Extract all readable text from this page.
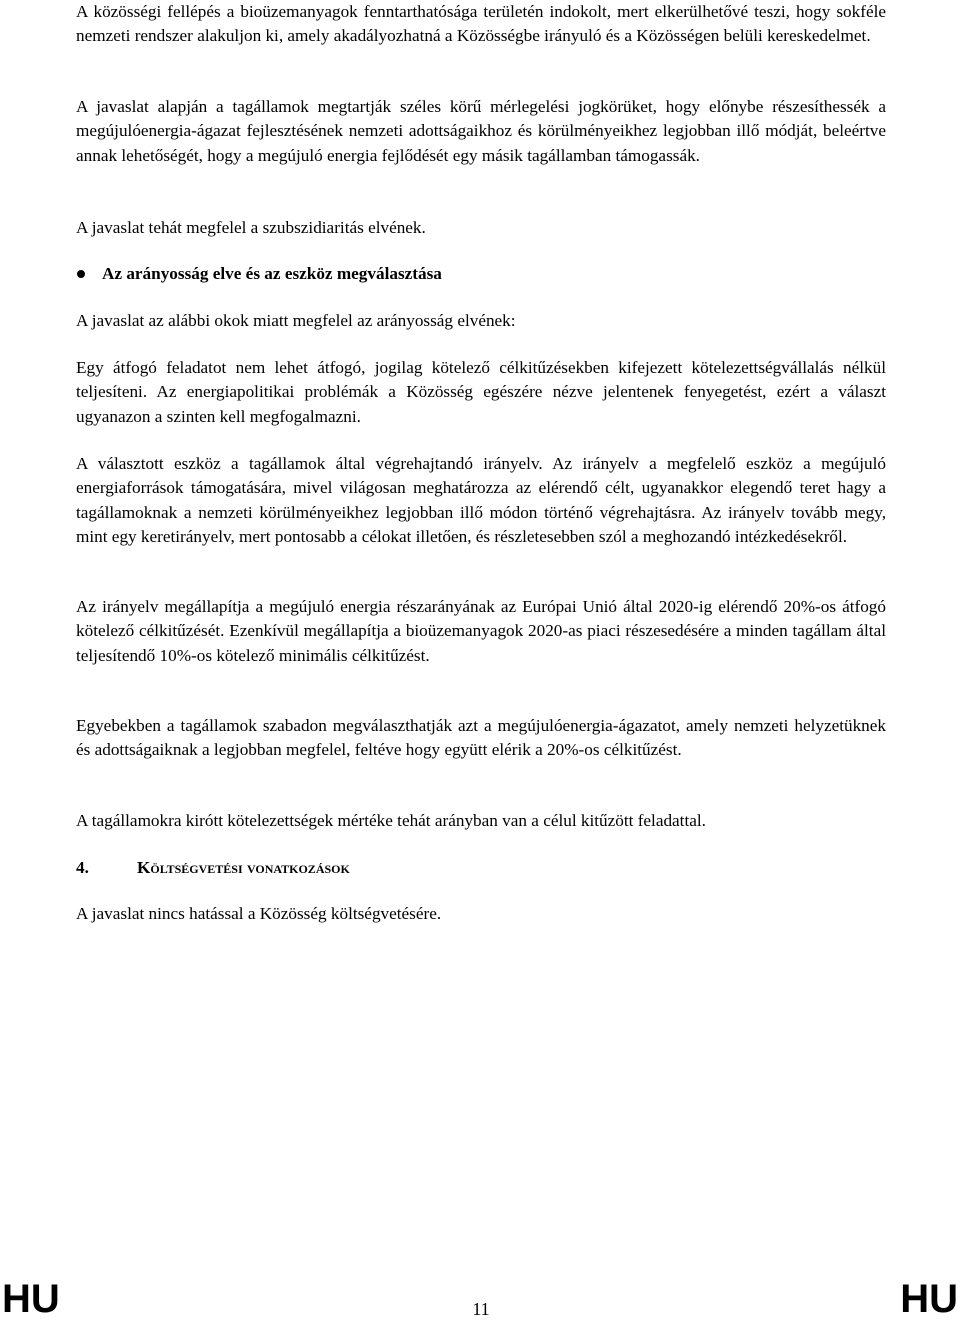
A közösségi fellépés a bioüzemanyagok fenntarthatósága területén indokolt, mert elkerülhetővé teszi, hogy sokféle nemzeti rendszer alakuljon ki, amely akadályozhatná a Közösségbe irányuló és a Közösségen belüli kereskedelmet.

A javaslat alapján a tagállamok megtartják széles körű mérlegelési jogkörüket, hogy előnybe részesíthessék a megújulóenergia-ágazat fejlesztésének nemzeti adottságaikhoz és körülményeikhez legjobban illő módját, beleértve annak lehetőségét, hogy a megújuló energia fejlődését egy másik tagállamban támogassák.

A javaslat tehát megfelel a szubszidiaritás elvének.

Az arányosság elve és az eszköz megválasztása

A javaslat az alábbi okok miatt megfelel az arányosság elvének:

Egy átfogó feladatot nem lehet átfogó, jogilag kötelező célkitűzésekben kifejezett kötelezettségvállalás nélkül teljesíteni. Az energiapolitikai problémák a Közösség egészére nézve jelentenek fenyegetést, ezért a választ ugyanazon a szinten kell megfogalmazni.

A választott eszköz a tagállamok által végrehajtandó irányelv. Az irányelv a megfelelő eszköz a megújuló energiaforrások támogatására, mivel világosan meghatározza az elérendő célt, ugyanakkor elegendő teret hagy a tagállamoknak a nemzeti körülményeikhez legjobban illő módon történő végrehajtásra. Az irányelv tovább megy, mint egy keretirányelv, mert pontosabb a célokat illetően, és részletesebben szól a meghozandó intézkedésekről.

Az irányelv megállapítja a megújuló energia részarányának az Európai Unió által 2020-ig elérendő 20%-os átfogó kötelező célkitűzését. Ezenkívül megállapítja a bioüzemanyagok 2020-as piaci részesedésére a minden tagállam által teljesítendő 10%-os kötelező minimális célkitűzést.

Egyebekben a tagállamok szabadon megválaszthatják azt a megújulóenergia-ágazatot, amely nemzeti helyzetüknek és adottságaiknak a legjobban megfelel, feltéve hogy együtt elérik a 20%-os célkitűzést.

A tagállamokra kirótt kötelezettségek mértéke tehát arányban van a célul kitűzött feladattal.

4.	Költségvetési vonatkozások

A javaslat nincs hatással a Közösség költségvetésére.

HU	11	HU
